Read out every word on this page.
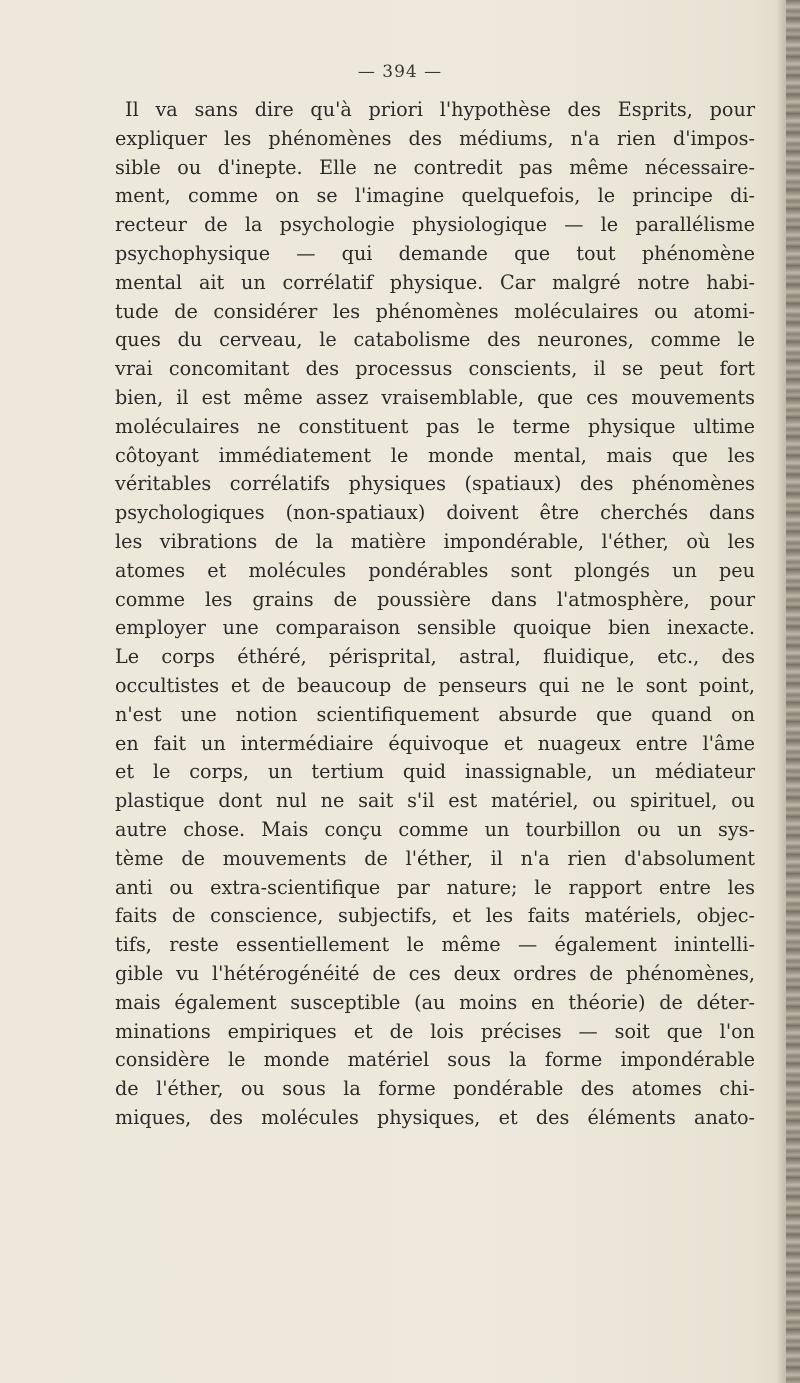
— 394 —
Il va sans dire qu'à priori l'hypothèse des Esprits, pour
expliquer les phénomènes des médiums, n'a rien d'impos-
sible ou d'inepte. Elle ne contredit pas même nécessaire-
ment, comme on se l'imagine quelquefois, le principe di-
recteur de la psychologie physiologique — le parallélisme
psychophysique — qui demande que tout phénomène
mental ait un corrélatif physique. Car malgré notre habi-
tude de considérer les phénomènes moléculaires ou atomi-
ques du cerveau, le catabolisme des neurones, comme le
vrai concomitant des processus conscients, il se peut fort
bien, il est même assez vraisemblable, que ces mouvements
moléculaires ne constituent pas le terme physique ultime
côtoyant immédiatement le monde mental, mais que les
véritables corrélatifs physiques (spatiaux) des phénomènes
psychologiques (non-spatiaux) doivent être cherchés dans
les vibrations de la matière impondérable, l'éther, où les
atomes et molécules pondérables sont plongés un peu
comme les grains de poussière dans l'atmosphère, pour
employer une comparaison sensible quoique bien inexacte.
Le corps éthéré, périsprital, astral, fluidique, etc., des
occultistes et de beaucoup de penseurs qui ne le sont point,
n'est une notion scientifiquement absurde que quand on
en fait un intermédiaire équivoque et nuageux entre l'âme
et le corps, un tertium quid inassignable, un médiateur
plastique dont nul ne sait s'il est matériel, ou spirituel, ou
autre chose. Mais conçu comme un tourbillon ou un sys-
tème de mouvements de l'éther, il n'a rien d'absolument
anti ou extra-scientifique par nature; le rapport entre les
faits de conscience, subjectifs, et les faits matériels, objec-
tifs, reste essentiellement le même — également inintelli-
gible vu l'hétérogénéité de ces deux ordres de phénomènes,
mais également susceptible (au moins en théorie) de déter-
minations empiriques et de lois précises — soit que l'on
considère le monde matériel sous la forme impondérable
de l'éther, ou sous la forme pondérable des atomes chi-
miques, des molécules physiques, et des éléments anato-
